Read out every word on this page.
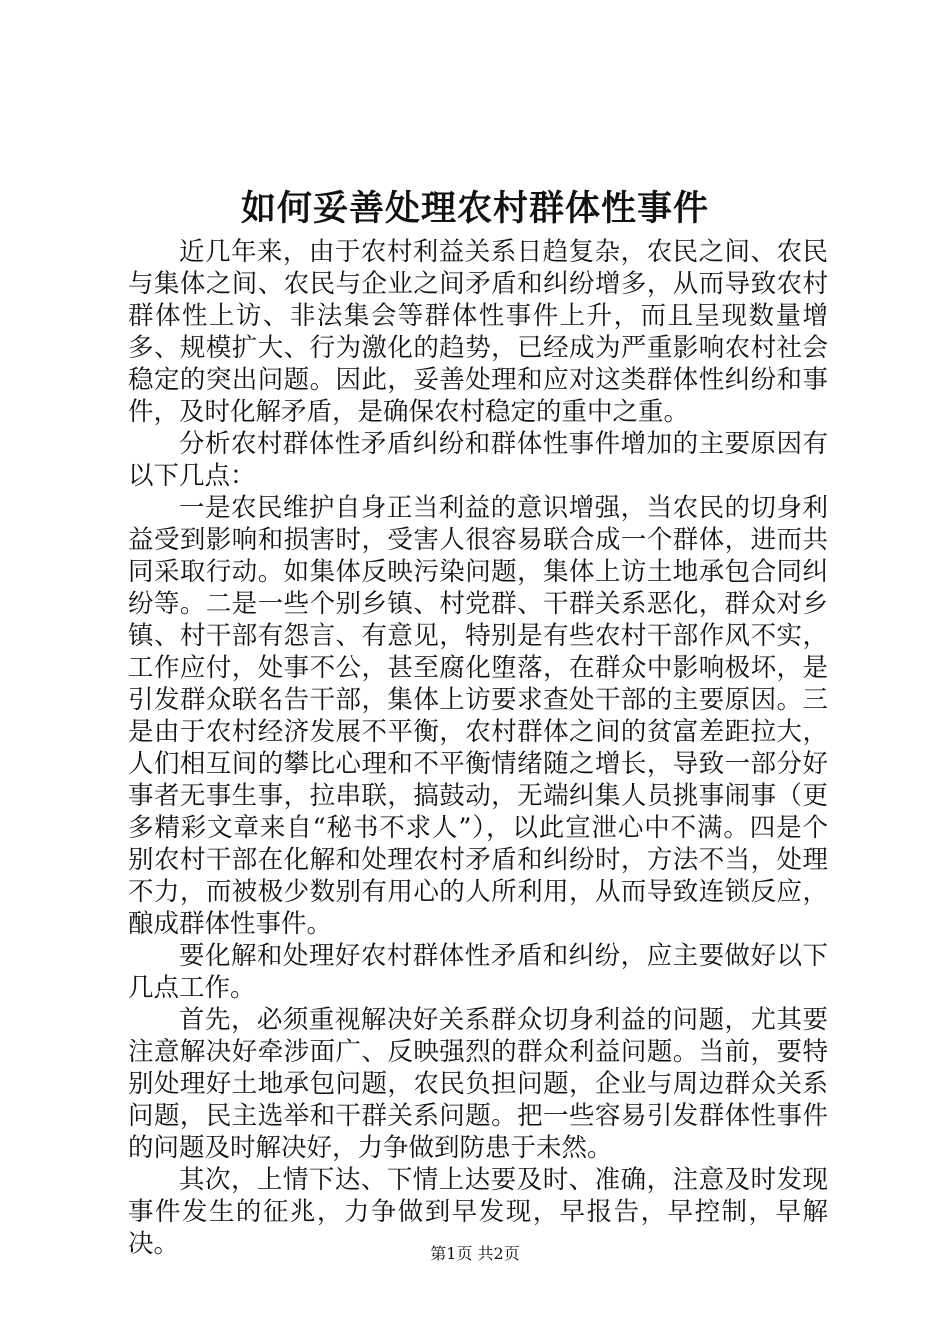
如何妥善处理农村群体性事件

近几年来，由于农村利益关系日趋复杂，农民之间、农民与集体之间、农民与企业之间矛盾和纠纷增多，从而导致农村群体性上访、非法集会等群体性事件上升，而且呈现数量增多、规模扩大、行为激化的趋势，已经成为严重影响农村社会稳定的突出问题。因此，妥善处理和应对这类群体性纠纷和事件，及时化解矛盾，是确保农村稳定的重中之重。

分析农村群体性矛盾纠纷和群体性事件增加的主要原因有以下几点：

一是农民维护自身正当利益的意识增强，当农民的切身利益受到影响和损害时，受害人很容易联合成一个群体，进而共同采取行动。如集体反映污染问题，集体上访土地承包合同纠纷等。二是一些个别乡镇、村党群、干群关系恶化，群众对乡镇、村干部有怨言、有意见，特别是有些农村干部作风不实，工作应付，处事不公，甚至腐化堕落，在群众中影响极坏，是引发群众联名告干部，集体上访要求查处干部的主要原因。三是由于农村经济发展不平衡，农村群体之间的贫富差距拉大，人们相互间的攀比心理和不平衡情绪随之增长，导致一部分好事者无事生事，拉串联，搞鼓动，无端纠集人员挑事闹事（更多精彩文章来自“秘书不求人”），以此宣泄心中不满。四是个别农村干部在化解和处理农村矛盾和纠纷时，方法不当，处理不力，而被极少数别有用心的人所利用，从而导致连锁反应，酿成群体性事件。

要化解和处理好农村群体性矛盾和纠纷，应主要做好以下几点工作。

首先，必须重视解决好关系群众切身利益的问题，尤其要注意解决好牵涉面广、反映强烈的群众利益问题。当前，要特别处理好土地承包问题，农民负担问题，企业与周边群众关系问题，民主选举和干群关系问题。把一些容易引发群体性事件的问题及时解决好，力争做到防患于未然。

其次，上情下达、下情上达要及时、准确，注意及时发现事件发生的征兆，力争做到早发现，早报告，早控制，早解决。	第1页 共2页
